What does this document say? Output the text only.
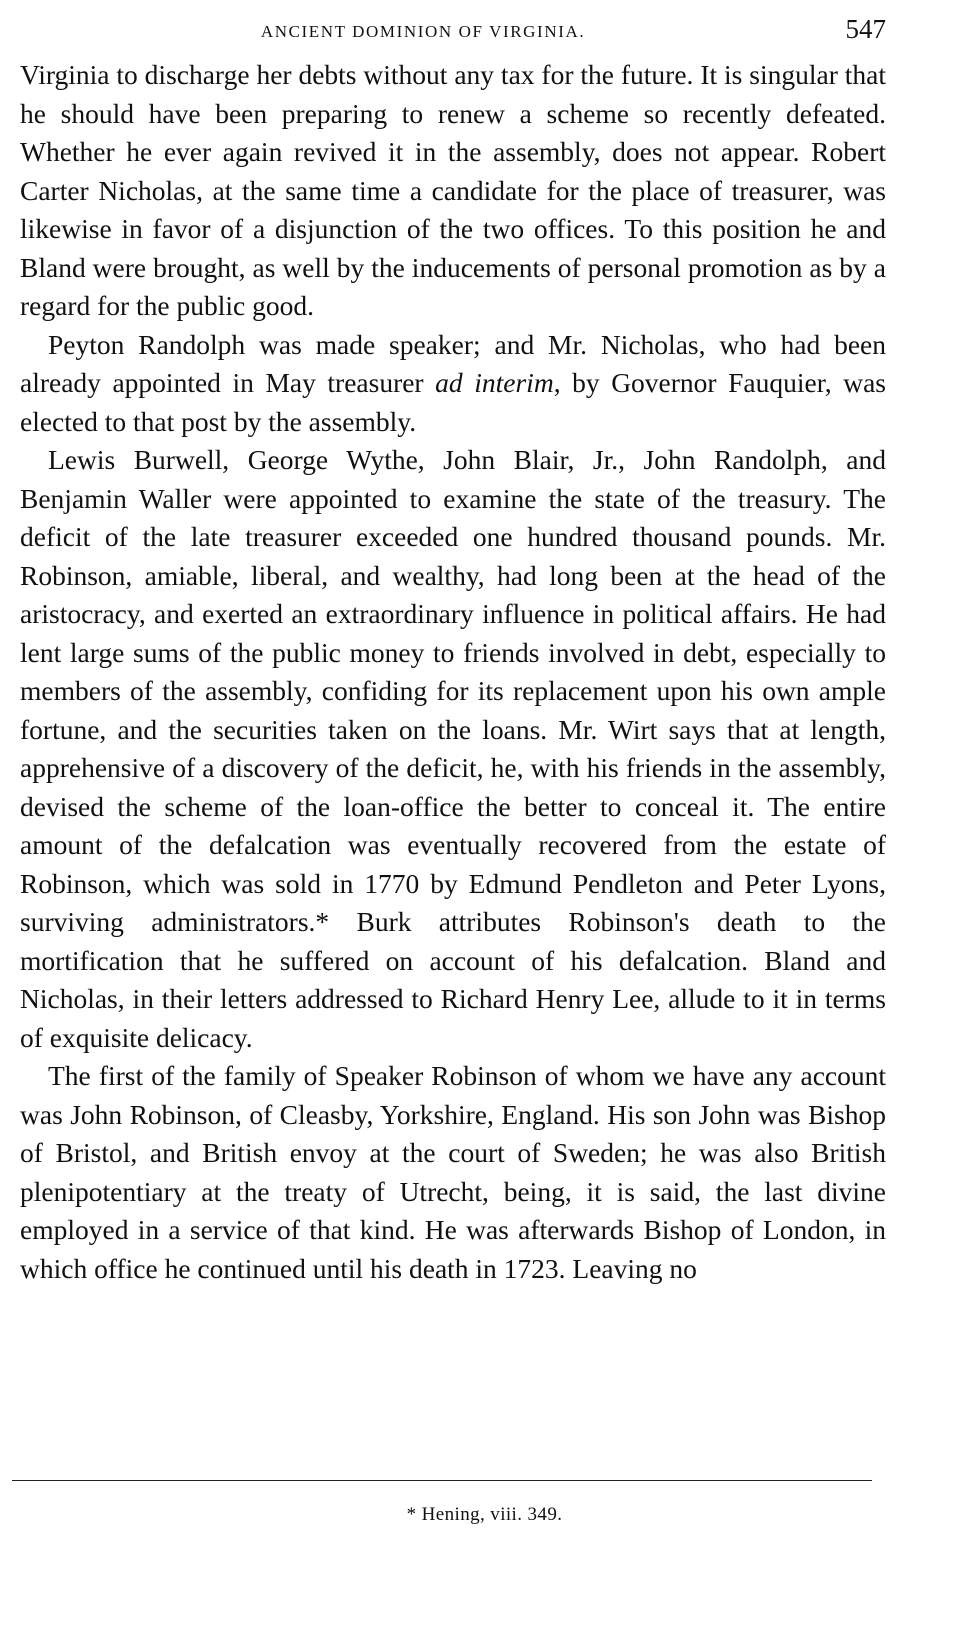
ANCIENT DOMINION OF VIRGINIA.	547

Virginia to discharge her debts without any tax for the future. It is singular that he should have been preparing to renew a scheme so recently defeated. Whether he ever again revived it in the assembly, does not appear. Robert Carter Nicholas, at the same time a candidate for the place of treasurer, was likewise in favor of a disjunction of the two offices. To this position he and Bland were brought, as well by the inducements of personal promotion as by a regard for the public good.

Peyton Randolph was made speaker; and Mr. Nicholas, who had been already appointed in May treasurer ad interim, by Governor Fauquier, was elected to that post by the assembly.

Lewis Burwell, George Wythe, John Blair, Jr., John Randolph, and Benjamin Waller were appointed to examine the state of the treasury. The deficit of the late treasurer exceeded one hundred thousand pounds. Mr. Robinson, amiable, liberal, and wealthy, had long been at the head of the aristocracy, and exerted an extraordinary influence in political affairs. He had lent large sums of the public money to friends involved in debt, especially to members of the assembly, confiding for its replacement upon his own ample fortune, and the securities taken on the loans. Mr. Wirt says that at length, apprehensive of a discovery of the deficit, he, with his friends in the assembly, devised the scheme of the loan-office the better to conceal it. The entire amount of the defalcation was eventually recovered from the estate of Robinson, which was sold in 1770 by Edmund Pendleton and Peter Lyons, surviving administrators.* Burk attributes Robinson's death to the mortification that he suffered on account of his defalcation. Bland and Nicholas, in their letters addressed to Richard Henry Lee, allude to it in terms of exquisite delicacy.

The first of the family of Speaker Robinson of whom we have any account was John Robinson, of Cleasby, Yorkshire, England. His son John was Bishop of Bristol, and British envoy at the court of Sweden; he was also British plenipotentiary at the treaty of Utrecht, being, it is said, the last divine employed in a service of that kind. He was afterwards Bishop of London, in which office he continued until his death in 1723. Leaving no

* Hening, viii. 349.
